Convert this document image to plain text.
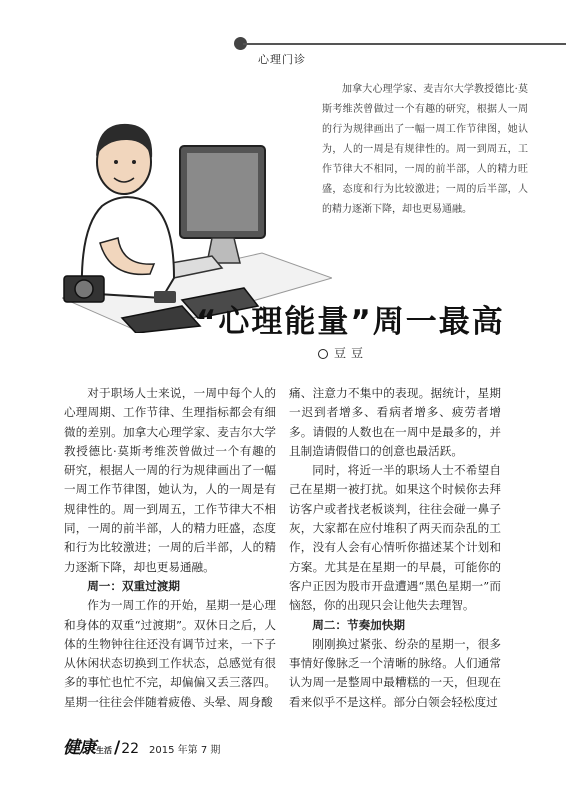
心理门诊

加拿大心理学家、麦吉尔大学教授德比·莫斯考维茨曾做过一个有趣的研究，根据人一周的行为规律画出了一幅一周工作节律图，她认为，人的一周是有规律性的。周一到周五，工作节律大不相同，一周的前半部，人的精力旺盛，态度和行为比较激进；一周的后半部，人的精力逐渐下降，却也更易通融。

“心理能量”周一最高
豆豆

对于职场人士来说，一周中每个人的心理周期、工作节律、生理指标都会有细微的差别。加拿大心理学家、麦吉尔大学教授德比·莫斯考维茨曾做过一个有趣的研究，根据人一周的行为规律画出了一幅一周工作节律图，她认为，人的一周是有规律性的。周一到周五，工作节律大不相同，一周的前半部，人的精力旺盛，态度和行为比较激进；一周的后半部，人的精力逐渐下降，却也更易通融。

周一：双重过渡期

作为一周工作的开始，星期一是心理和身体的双重“过渡期”。双休日之后，人体的生物钟往往还没有调节过来，一下子从休闲状态切换到工作状态，总感觉有很多的事忙也忙不完，却偏偏又丢三落四。星期一往往会伴随着疲倦、头晕、周身酸

痛、注意力不集中的表现。据统计，星期一迟到者增多、看病者增多、疲劳者增多。请假的人数也在一周中是最多的，并且制造请假借口的创意也最活跃。

同时，将近一半的职场人士不希望自己在星期一被打扰。如果这个时候你去拜访客户或者找老板谈判，往往会碰一鼻子灰，大家都在应付堆积了两天而杂乱的工作，没有人会有心情听你描述某个计划和方案。尤其是在星期一的早晨，可能你的客户正因为股市开盘遭遇“黑色星期一”而恼怒，你的出现只会让他失去理智。

周二：节奏加快期

刚刚换过紧张、纷杂的星期一，很多事情好像脉乏一个清晰的脉络。人们通常认为周一是整周中最糟糕的一天，但现在看来似乎不是这样。部分白领会轻松度过

健康 生活 / 22 2015 年第 7 期
